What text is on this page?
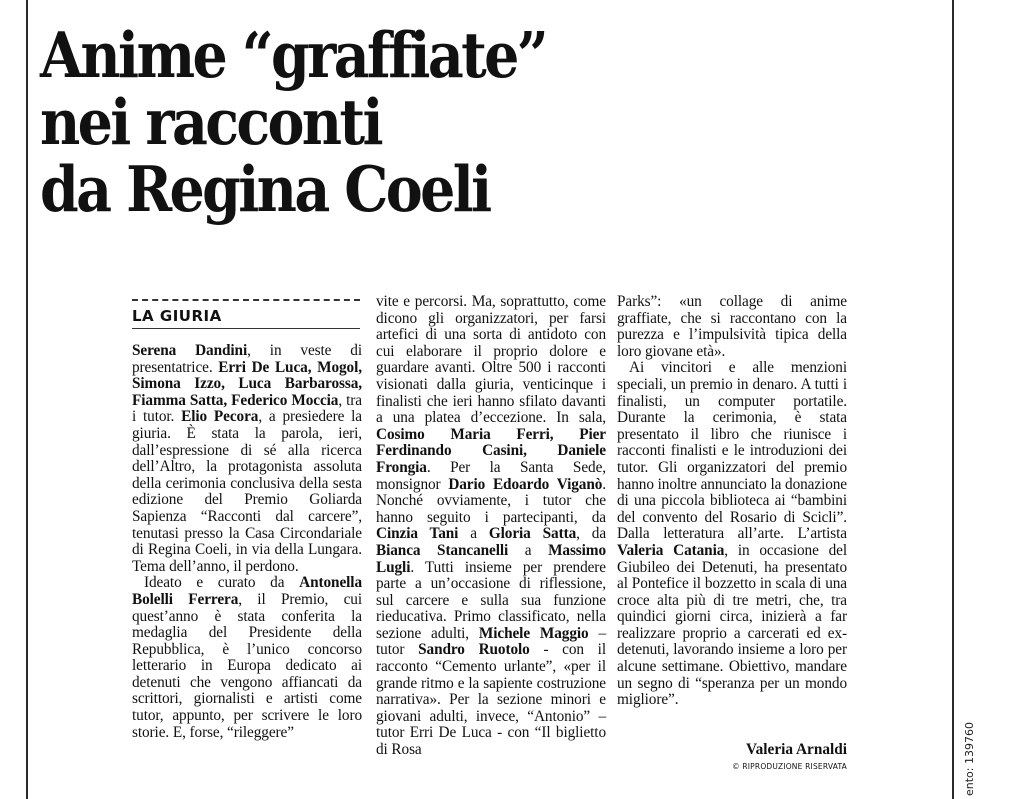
Anime “graffiate”
nei racconti
da Regina Coeli
LA GIURIA

Serena Dandini, in veste di presentatrice. Erri De Luca, Mogol, Simona Izzo, Luca Barbarossa, Fiamma Satta, Federico Moccia, tra i tutor. Elio Pecora, a presiedere la giuria. È stata la parola, ieri, dall’espressione di sé alla ricerca dell’Altro, la protagonista assoluta della cerimonia conclusiva della sesta edizione del Premio Goliarda Sapienza “Racconti dal carcere”, tenutasi presso la Casa Circondariale di Regina Coeli, in via della Lungara. Tema dell’anno, il perdono.

Ideato e curato da Antonella Bolelli Ferrera, il Premio, cui quest’anno è stata conferita la medaglia del Presidente della Repubblica, è l’unico concorso letterario in Europa dedicato ai detenuti che vengono affiancati da scrittori, giornalisti e artisti come tutor, appunto, per scrivere le loro storie. E, forse, “rileggere”

vite e percorsi. Ma, soprattutto, come dicono gli organizzatori, per farsi artefici di una sorta di antidoto con cui elaborare il proprio dolore e guardare avanti. Oltre 500 i racconti visionati dalla giuria, venticinque i finalisti che ieri hanno sfilato davanti a una platea d’eccezione. In sala, Cosimo Maria Ferri, Pier Ferdinando Casini, Daniele Frongia. Per la Santa Sede, monsignor Dario Edoardo Viganò. Nonché ovviamente, i tutor che hanno seguito i partecipanti, da Cinzia Tani a Gloria Satta, da Bianca Stancanelli a Massimo Lugli. Tutti insieme per prendere parte a un’occasione di riflessione, sul carcere e sulla sua funzione rieducativa. Primo classificato, nella sezione adulti, Michele Maggio – tutor Sandro Ruotolo - con il racconto “Cemento urlante”, «per il grande ritmo e la sapiente costruzione narrativa». Per la sezione minori e giovani adulti, invece, “Antonio” – tutor Erri De Luca - con “Il biglietto di Rosa

Parks”: «un collage di anime graffiate, che si raccontano con la purezza e l’impulsività tipica della loro giovane età».

Ai vincitori e alle menzioni speciali, un premio in denaro. A tutti i finalisti, un computer portatile. Durante la cerimonia, è stata presentato il libro che riunisce i racconti finalisti e le introduzioni dei tutor. Gli organizzatori del premio hanno inoltre annunciato la donazione di una piccola biblioteca ai “bambini del convento del Rosario di Scicli”. Dalla letteratura all’arte. L’artista Valeria Catania, in occasione del Giubileo dei Detenuti, ha presentato al Pontefice il bozzetto in scala di una croce alta più di tre metri, che, tra quindici giorni circa, inizierà a far realizzare proprio a carcerati ed ex-detenuti, lavorando insieme a loro per alcune settimane. Obiettivo, mandare un segno di “speranza per un mondo migliore”.

Valeria Arnaldi
© RIPRODUZIONE RISERVATA	ento: 139760
